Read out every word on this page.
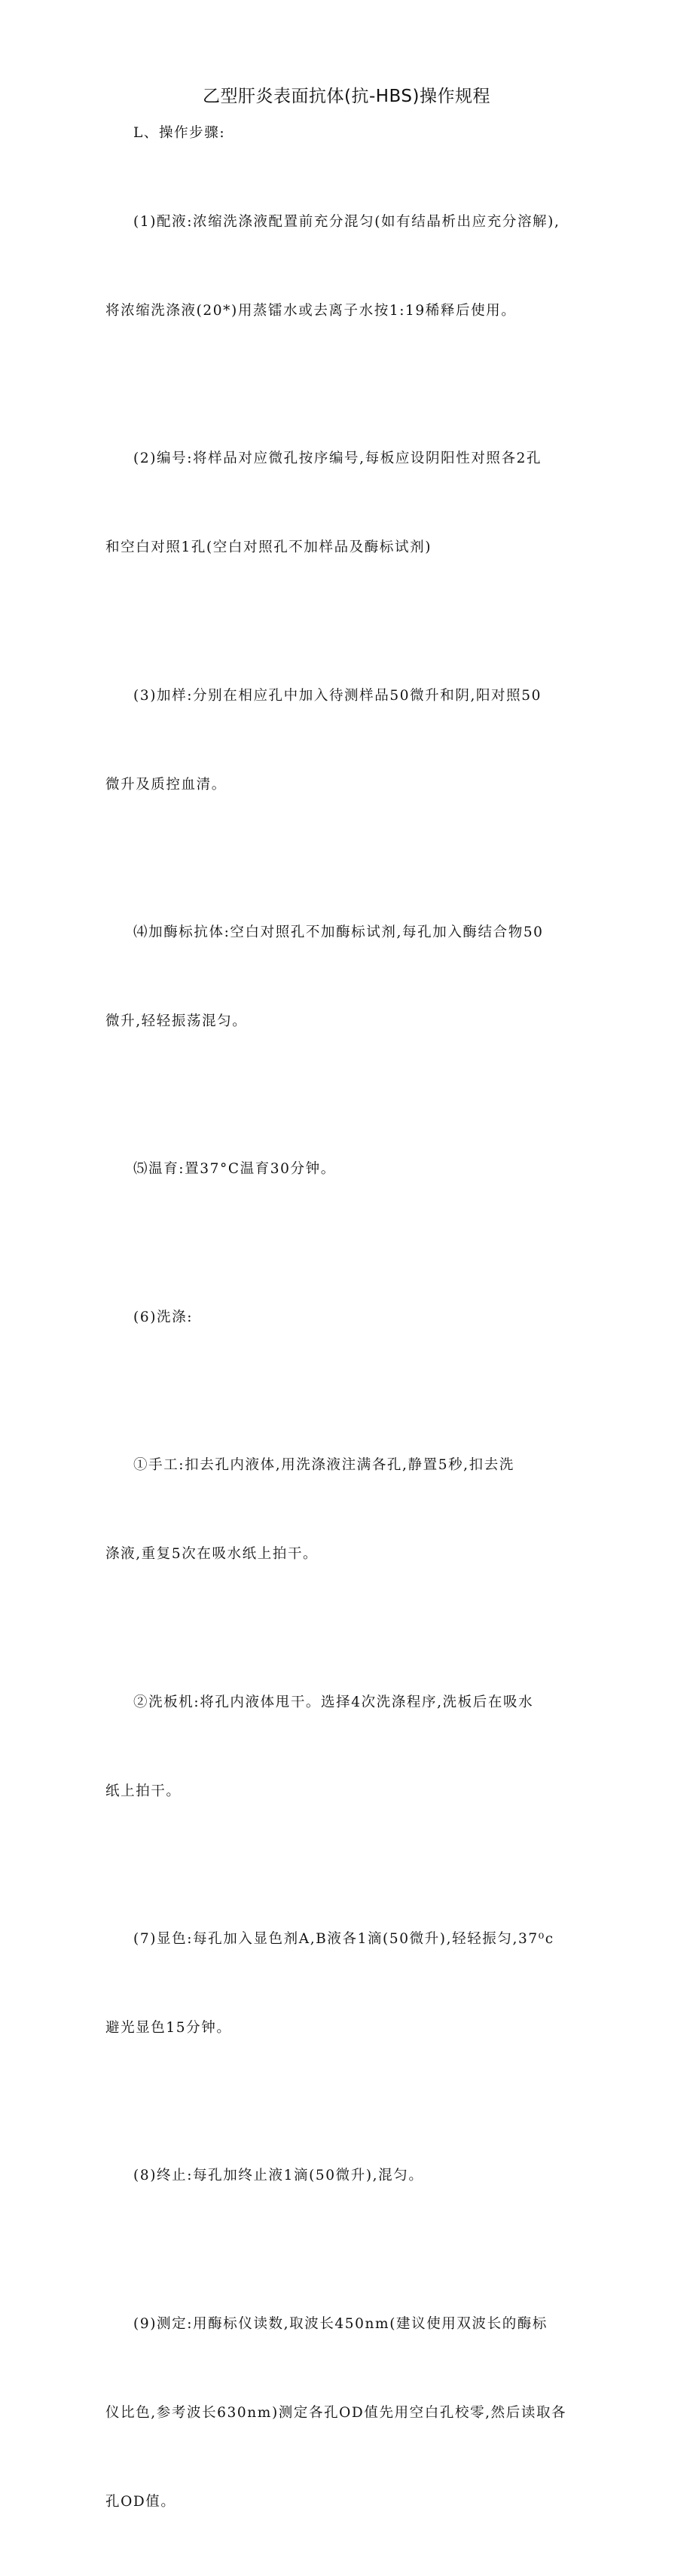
乙型肝炎表面抗体(抗-HBS)操作规程

L、操作步骤:

(1)配液:浓缩洗涤液配置前充分混匀(如有结晶析出应充分溶解),

将浓缩洗涤液(20*)用蒸镭水或去离子水按1:19稀释后使用。

(2)编号:将样品对应微孔按序编号,每板应设阴阳性对照各2孔

和空白对照1孔(空白对照孔不加样品及酶标试剂)

(3)加样:分别在相应孔中加入待测样品50微升和阴,阳对照50

微升及质控血清。

⑷加酶标抗体:空白对照孔不加酶标试剂,每孔加入酶结合物50

微升,轻轻振荡混匀。

⑸温育:置37°C温育30分钟。

(6)洗涤:

①手工:扣去孔内液体,用洗涤液注满各孔,静置5秒,扣去洗

涤液,重复5次在吸水纸上拍干。

②洗板机:将孔内液体甩干。选择4次洗涤程序,洗板后在吸水

纸上拍干。

(7)显色:每孔加入显色剂A,B液各1滴(50微升),轻轻振匀,37⁰c

避光显色15分钟。

(8)终止:每孔加终止液1滴(50微升),混匀。

(9)测定:用酶标仪读数,取波长450nm(建议使用双波长的酶标

仪比色,参考波长630nm)测定各孔OD值先用空白孔校零,然后读取各

孔OD值。
